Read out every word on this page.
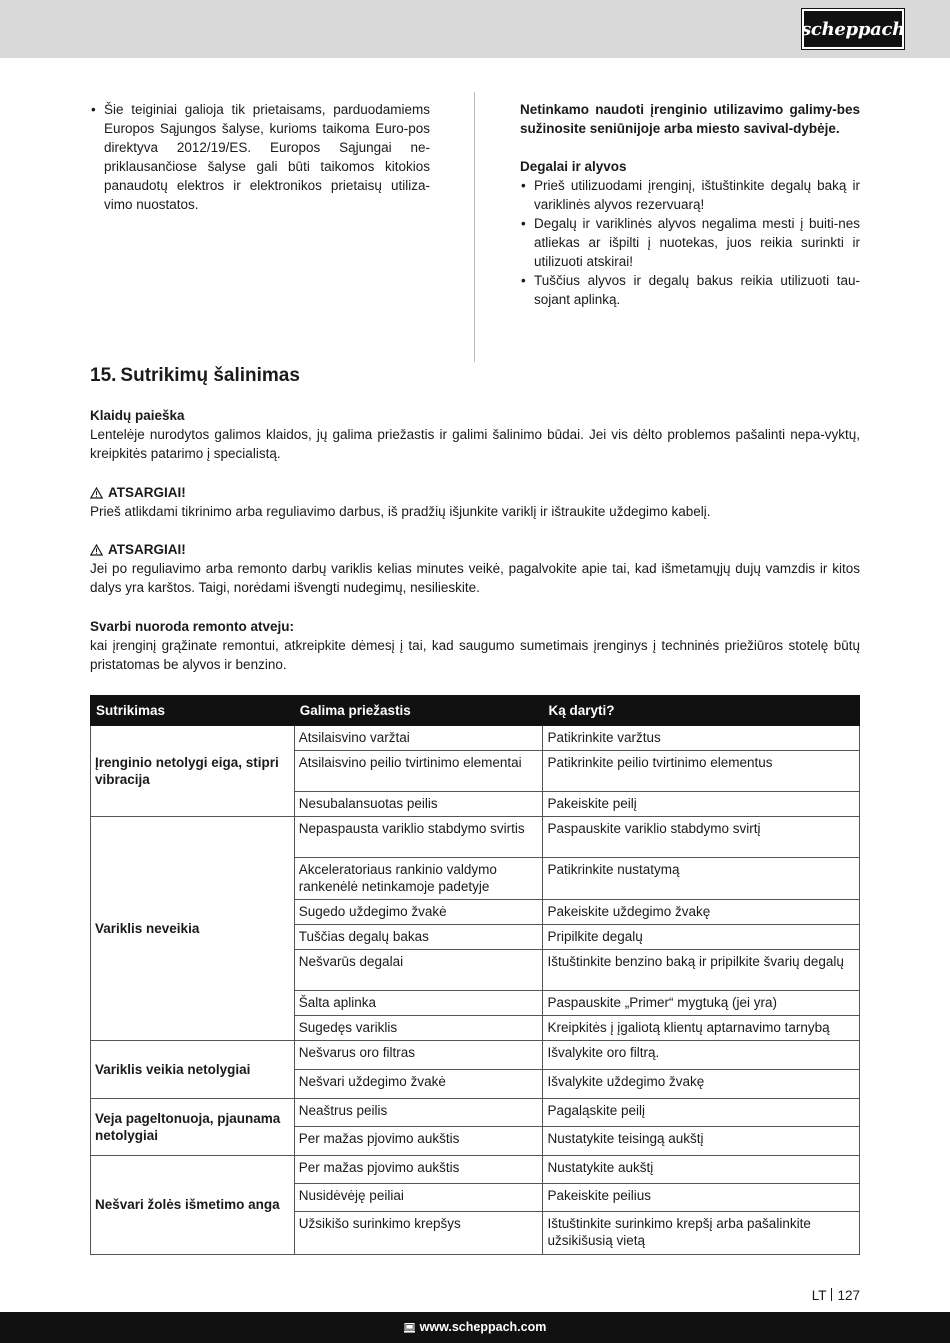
scheppach
• Šie teiginiai galioja tik prietaisams, parduodamiems Europos Sąjungos šalyse, kurioms taikoma Euro-pos direktyva 2012/19/ES. Europos Sąjungai ne-priklausančiose šalyse gali būti taikomos kitokios panaudotų elektros ir elektronikos prietaisų utiliza-vimo nuostatos.

Netinkamo naudoti įrenginio utilizavimo galimy-bes sužinosite seniūnijoje arba miesto savival-dybėje.

Degalai ir alyvos

• Prieš utilizuodami įrenginį, ištuštinkite degalų baką ir variklinės alyvos rezervuarą!
• Degalų ir variklinės alyvos negalima mesti į buiti-nes atliekas ar išpilti į nuotekas, juos reikia surinkti ir utilizuoti atskirai!
• Tuščius alyvos ir degalų bakus reikia utilizuoti tau-sojant aplinką.
15. Sutrikimų šalinimas

Klaidų paieška

Lentelėje nurodytos galimos klaidos, jų galima priežastis ir galimi šalinimo būdai. Jei vis dėlto problemos pašalinti nepa-vyktų, kreipkitės patarimo į specialistą.

ATSARGIAI!

Prieš atlikdami tikrinimo arba reguliavimo darbus, iš pradžių išjunkite variklį ir ištraukite uždegimo kabelį.

ATSARGIAI!

Jei po reguliavimo arba remonto darbų variklis kelias minutes veikė, pagalvokite apie tai, kad išmetamųjų dujų vamzdis ir kitos dalys yra karštos. Taigi, norėdami išvengti nudegimų, nesilieskite.

Svarbi nuoroda remonto atveju:

kai įrenginį grąžinate remontui, atkreipkite dėmesį į tai, kad saugumo sumetimais įrenginys į techninės priežiūros stotelę būtų pristatomas be alyvos ir benzino.

Sutrikimas	Galima priežastis	Ką daryti?
Įrenginio netolygi eiga, stipri vibracija	Atsilaisvino varžtai	Patikrinkite varžtus
	Atsilaisvino peilio tvirtinimo elementai	Patikrinkite peilio tvirtinimo elementus
	Nesubalansuotas peilis	Pakeiskite peilį
Variklis neveikia	Nepaspausta variklio stabdymo svirtis	Paspauskite variklio stabdymo svirtį
	Akceleratoriaus rankinio valdymo rankenėlė netinkamoje padetyje	Patikrinkite nustatymą
	Sugedo uždegimo žvakė	Pakeiskite uždegimo žvakę
	Tuščias degalų bakas	Pripilkite degalų
	Nešvarūs degalai	Ištuštinkite benzino baką ir pripilkite švarių degalų
	Šalta aplinka	Paspauskite „Primer“ mygtuką (jei yra)
	Sugedęs variklis	Kreipkitės į įgaliotą klientų aptarnavimo tarnybą
Variklis veikia netolygiai	Nešvarus oro filtras	Išvalykite oro filtrą.
	Nešvari uždegimo žvakė	Išvalykite uždegimo žvakę
Veja pageltonuoja, pjaunama netolygiai	Neaštrus peilis	Pagaląskite peilį
	Per mažas pjovimo aukštis	Nustatykite teisingą aukštį
Nešvari žolės išmetimo anga	Per mažas pjovimo aukštis	Nustatykite aukštį
	Nusidėvėję peiliai	Pakeiskite peilius
	Užsikišo surinkimo krepšys	Ištuštinkite surinkimo krepšį arba pašalinkite užsikišusią vietą
LT 127
www.scheppach.com
